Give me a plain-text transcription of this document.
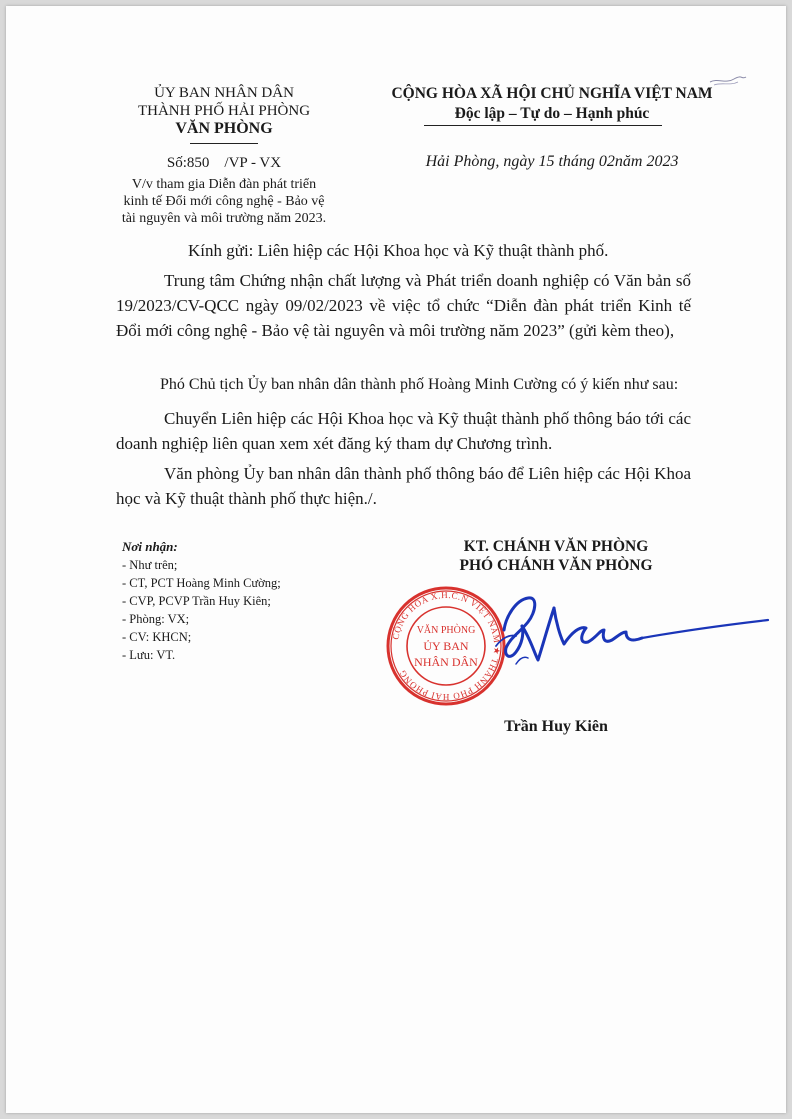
ỦY BAN NHÂN DÂN
THÀNH PHỐ HẢI PHÒNG
VĂN PHÒNG
Số:850    /VP - VX
V/v tham gia Diễn đàn phát triển
kinh tế Đổi mới công nghệ - Bảo vệ
tài nguyên và môi trường năm 2023.
CỘNG HÒA XÃ HỘI CHỦ NGHĨA VIỆT NAM
Độc lập – Tự do – Hạnh phúc
Hải Phòng, ngày 15 tháng 02năm 2023
Kính gửi: Liên hiệp các Hội Khoa học và Kỹ thuật thành phố.

Trung tâm Chứng nhận chất lượng và Phát triển doanh nghiệp có Văn bản số 19/2023/CV-QCC ngày 09/02/2023 về việc tổ chức “Diễn đàn phát triển Kinh tế Đổi mới công nghệ - Bảo vệ tài nguyên và môi trường năm 2023” (gửi kèm theo),

Phó Chủ tịch Ủy ban nhân dân thành phố Hoàng Minh Cường có ý kiến như sau:

Chuyển Liên hiệp các Hội Khoa học và Kỹ thuật thành phố thông báo tới các doanh nghiệp liên quan xem xét đăng ký tham dự Chương trình.

Văn phòng Ủy ban nhân dân thành phố thông báo để Liên hiệp các Hội Khoa học và Kỹ thuật thành phố thực hiện./.

Nơi nhận:
- Như trên;
- CT, PCT Hoàng Minh Cường;
- CVP, PCVP Trần Huy Kiên;
- Phòng: VX;
- CV: KHCN;
- Lưu: VT.
KT. CHÁNH VĂN PHÒNG
PHÓ CHÁNH VĂN PHÒNG
CỘNG HÒA X.H.C.N VIỆT NAM ★ THÀNH PHỐ HẢI PHÒNG
VĂN PHÒNG
ỦY BAN
NHÂN DÂN
Trần Huy Kiên
